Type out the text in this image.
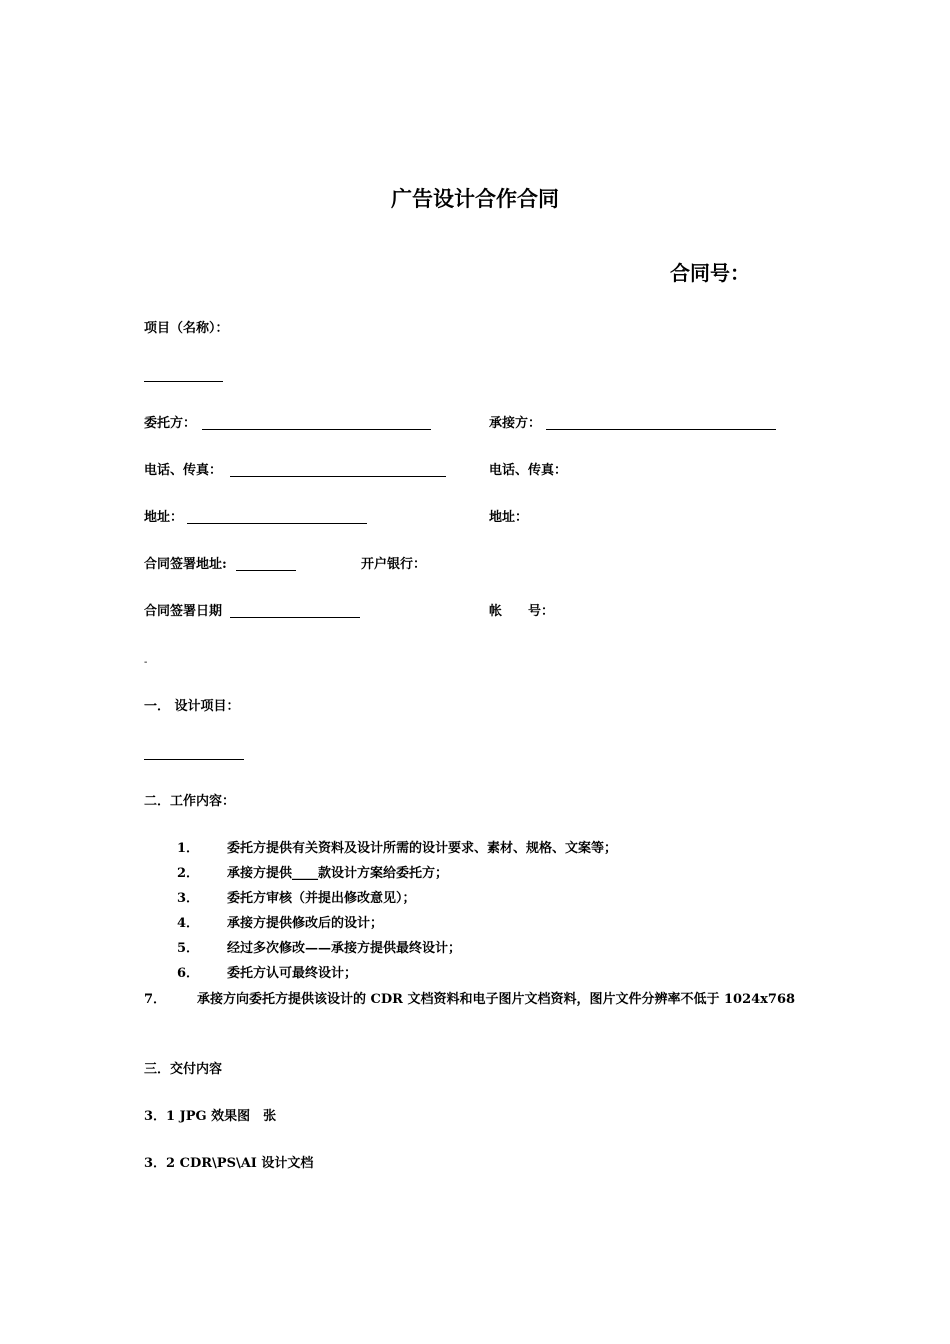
广告设计合作合同
合同号：
项目（名称）：
委托方：	承接方：
电话、传真：	电话、传真：
地址：	地址：
合同签署地址:	开户银行：
合同签署日期	帐　　号：
-
一． 设计项目：
二．工作内容：
1． 委托方提供有关资料及设计所需的设计要求、素材、规格、文案等；
2． 承接方提供____款设计方案给委托方；
3． 委托方审核（并提出修改意见）；
4． 承接方提供修改后的设计；
5． 经过多次修改——承接方提供最终设计；
6． 委托方认可最终设计；
7． 承接方向委托方提供该设计的 CDR 文档资料和电子图片文档资料，图片文件分辨率不低于 1024x768
三．交付内容
3．1 JPG 效果图　张
3．2 CDR\PS\AI 设计文档
